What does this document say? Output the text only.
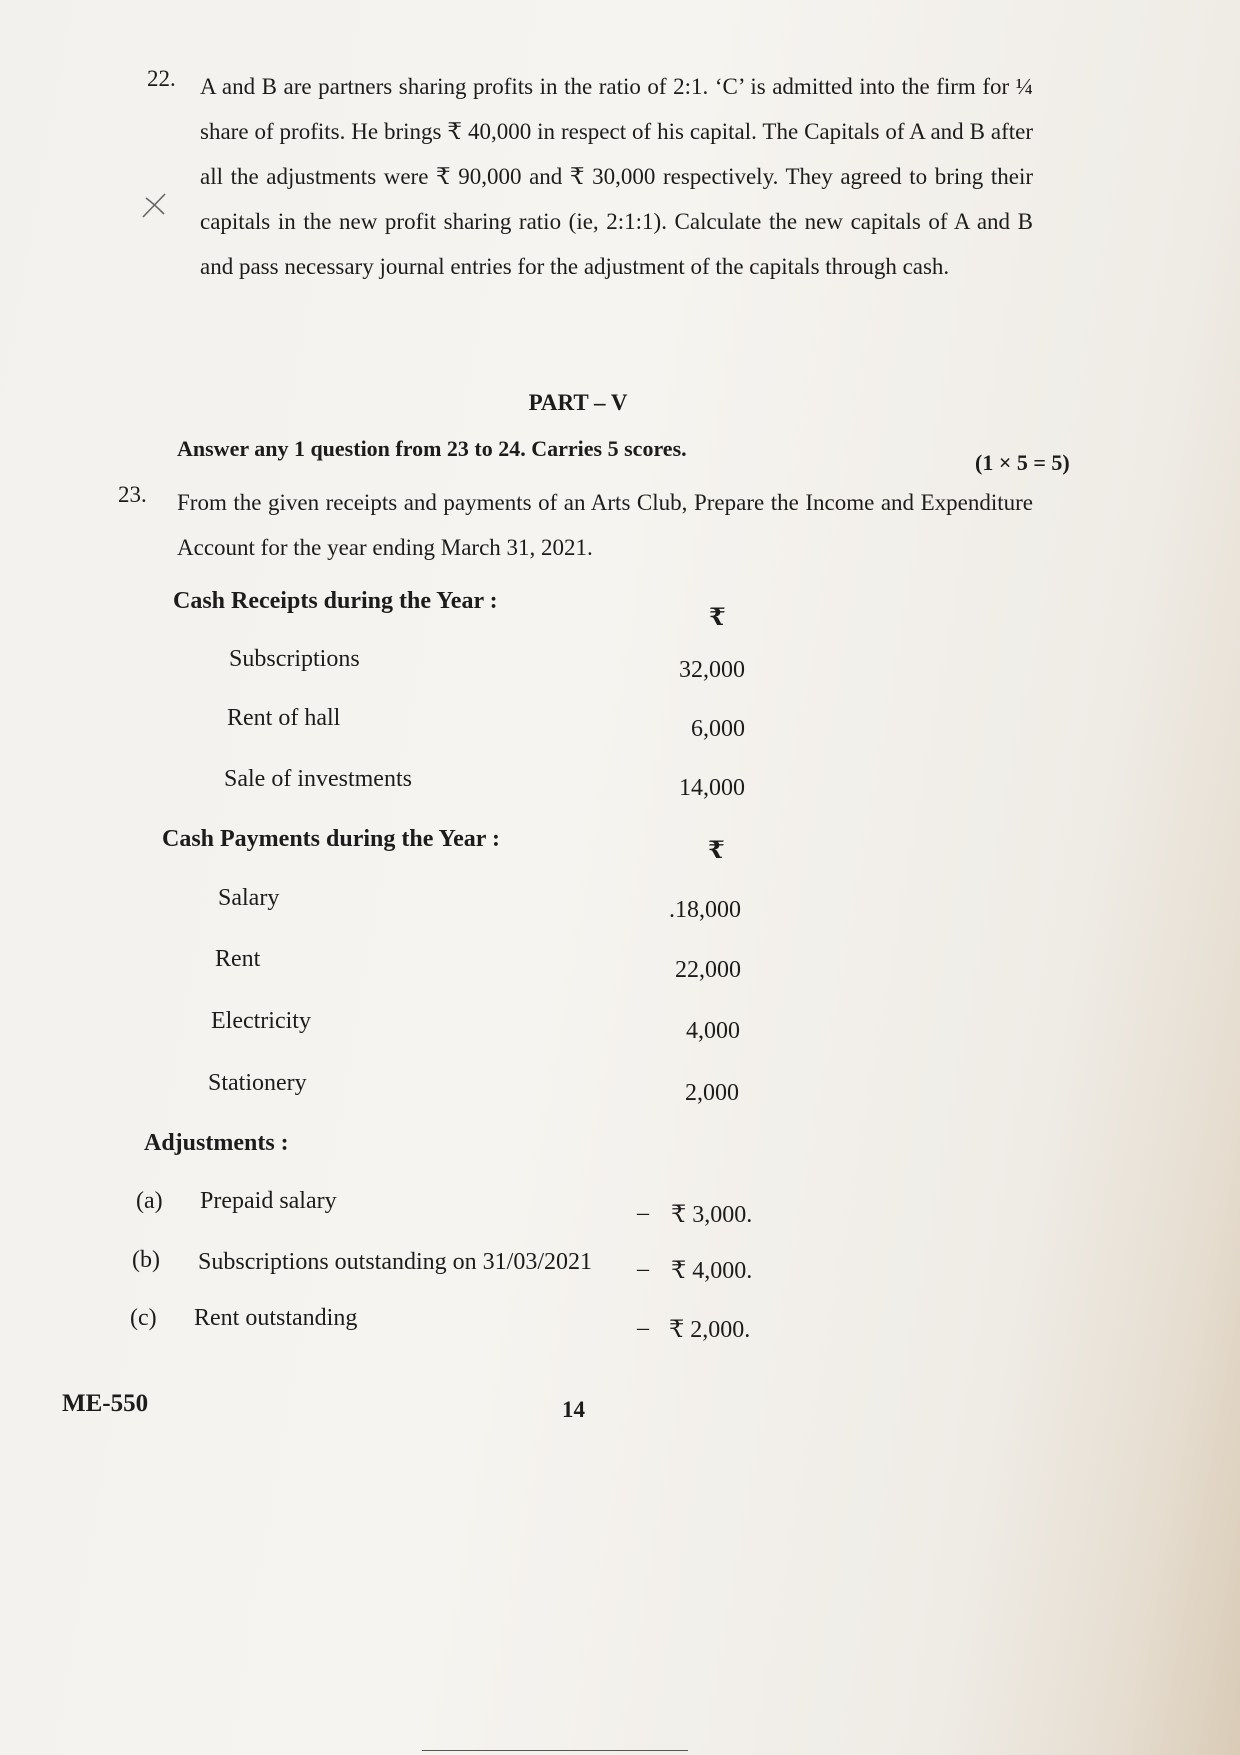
22. A and B are partners sharing profits in the ratio of 2:1. ‘C’ is admitted into the firm for ¼ share of profits. He brings ₹ 40,000 in respect of his capital. The Capitals of A and B after all the adjustments were ₹ 90,000 and ₹ 30,000 respectively. They agreed to bring their capitals in the new profit sharing ratio (ie, 2:1:1). Calculate the new capitals of A and B and pass necessary journal entries for the adjustment of the capitals through cash.
PART – V
Answer any 1 question from 23 to 24. Carries 5 scores.
(1 × 5 = 5)
23. From the given receipts and payments of an Arts Club, Prepare the Income and Expenditure Account for the year ending March 31, 2021.
Cash Receipts during the Year :
₹
Subscriptions	32,000
Rent of hall	6,000
Sale of investments	14,000
Cash Payments during the Year :	₹
Salary	.18,000
Rent	22,000
Electricity	4,000
Stationery	2,000
Adjustments :
(a) Prepaid salary	– ₹ 3,000.
(b) Subscriptions outstanding on 31/03/2021 – ₹ 4,000.
(c) Rent outstanding	– ₹ 2,000.
ME-550	14
